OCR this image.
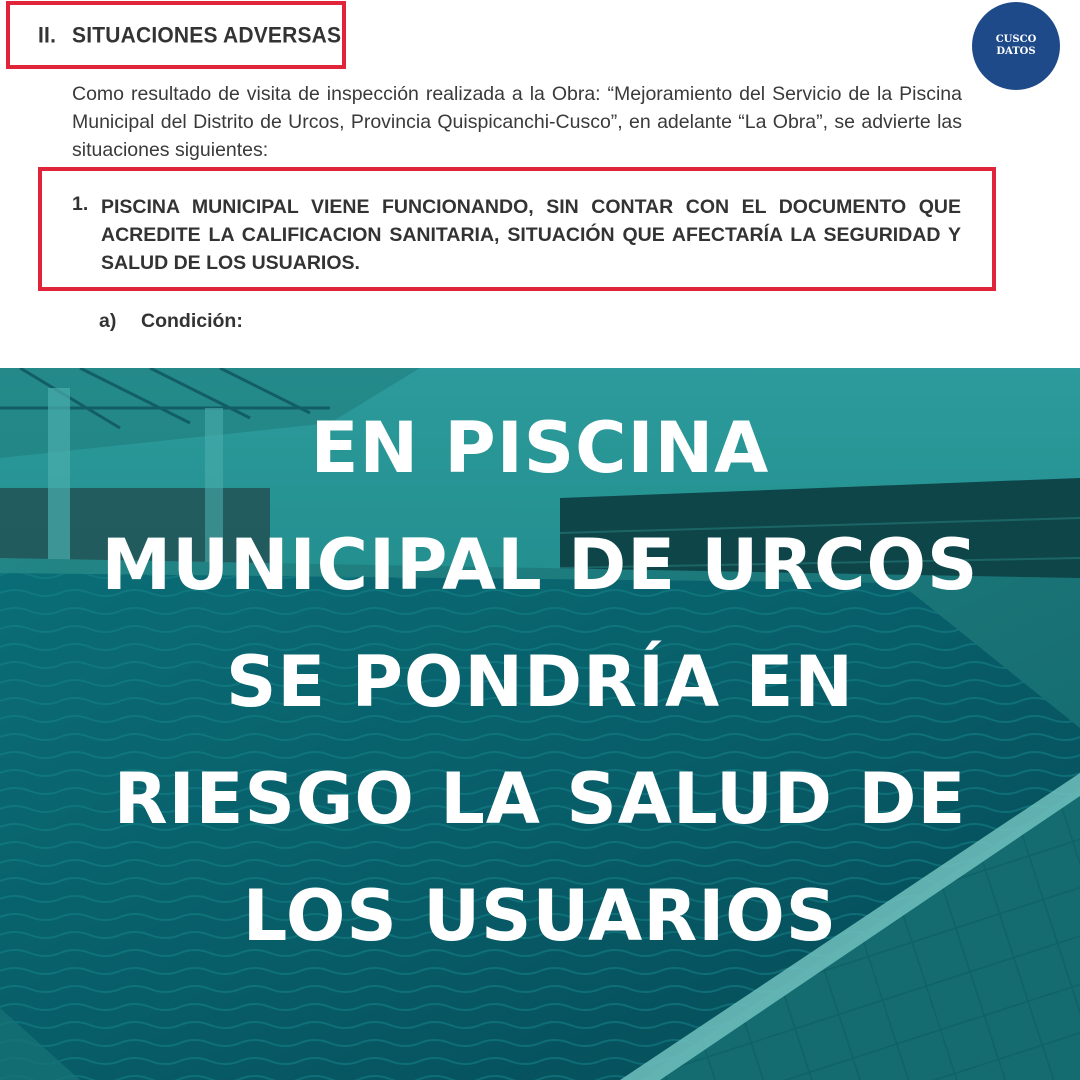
II. SITUACIONES ADVERSAS
Como resultado de visita de inspección realizada a la Obra: “Mejoramiento del Servicio de la Piscina Municipal del Distrito de Urcos, Provincia Quispicanchi-Cusco”, en adelante “La Obra”, se advierte las situaciones siguientes:
1. PISCINA MUNICIPAL VIENE FUNCIONANDO, SIN CONTAR CON EL DOCUMENTO QUE ACREDITE LA CALIFICACION SANITARIA, SITUACIÓN QUE AFECTARÍA LA SEGURIDAD Y SALUD DE LOS USUARIOS.
a) Condición:
CUSCO
DATOS
EN PISCINA
MUNICIPAL DE URCOS
SE PONDRÍA EN
RIESGO LA SALUD DE
LOS USUARIOS
